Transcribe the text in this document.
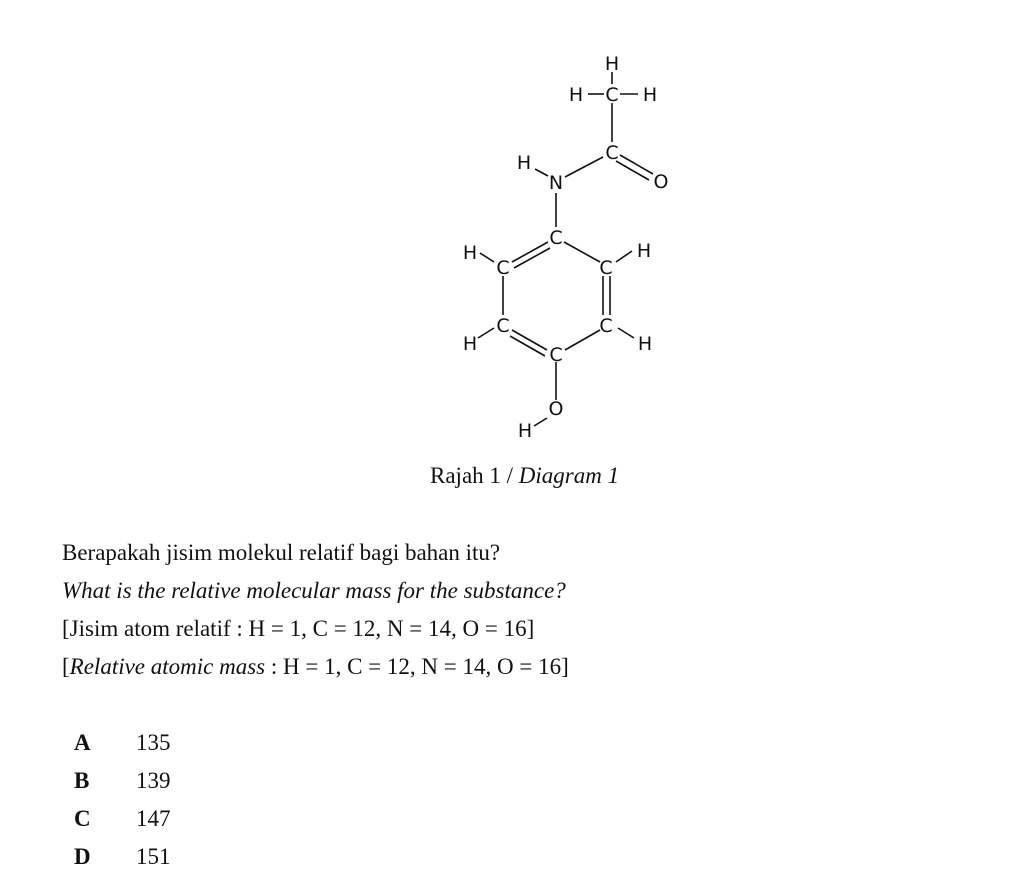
H
H C H
C
O
H
N
C
C	C
C	C
C
H	H
H	H
O
H
Rajah 1 / Diagram 1
Berapakah jisim molekul relatif bagi bahan itu?
What is the relative molecular mass for the substance?
[Jisim atom relatif : H = 1, C = 12, N = 14, O = 16]
[Relative atomic mass : H = 1, C = 12, N = 14, O = 16]
A 135
B 139
C 147
D 151
